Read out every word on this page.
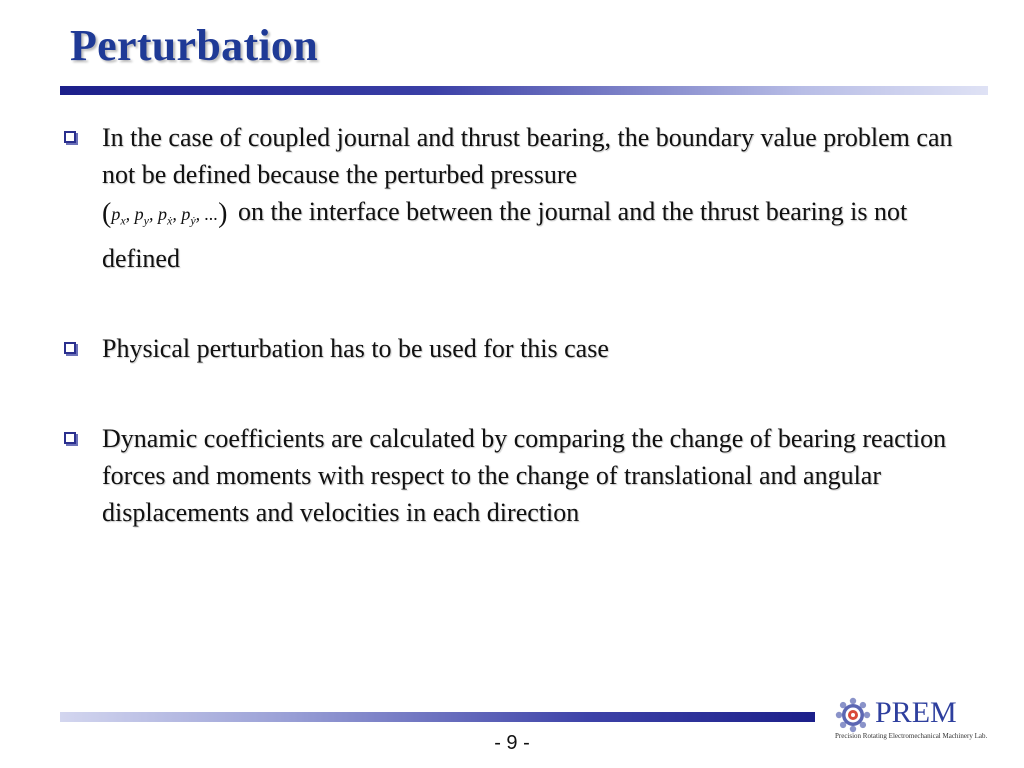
Perturbation
In the case of coupled journal and thrust bearing, the boundary value problem can not be defined because the perturbed pressure
($p_x$, $p_y$, $p_ẋ$, $p_ẏ$, ...) on the interface between the journal and the thrust bearing is not defined
Physical perturbation has to be used for this case
Dynamic coefficients are calculated by comparing the change of bearing reaction forces and moments with respect to the change of translational and angular displacements and velocities in each direction
- 9 -
PREM
Precision Rotating Electromechanical Machinery Lab.
